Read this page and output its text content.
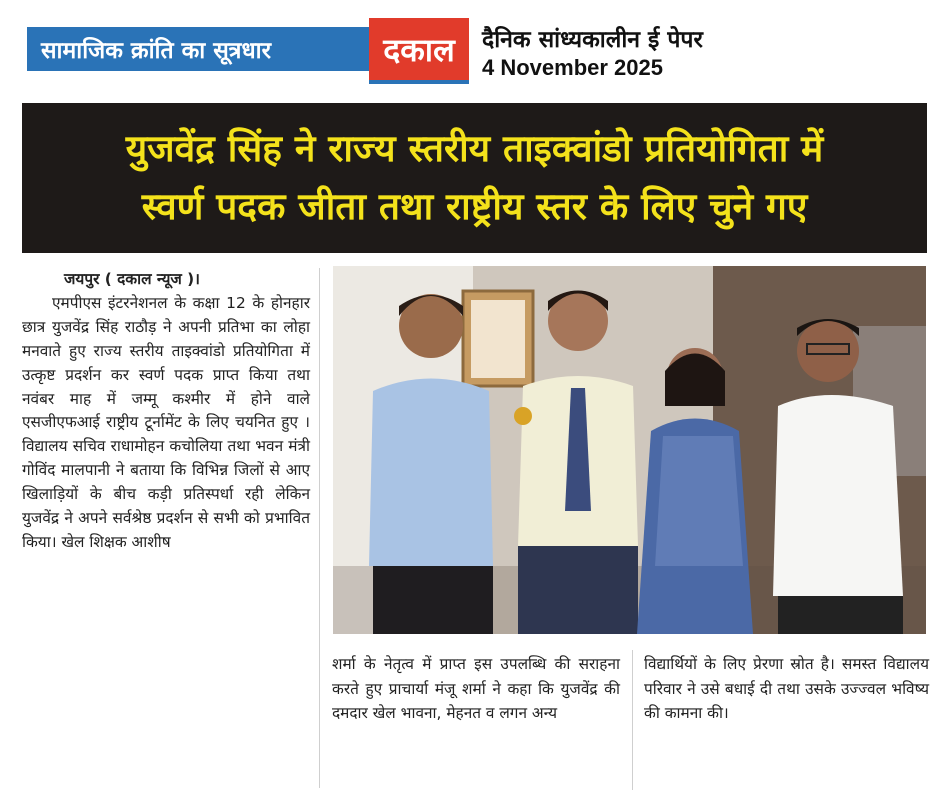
सामाजिक क्रांति का सूत्रधार	दकाल दैनिक सांध्यकालीन ई पेपर
4 November 2025
युजवेंद्र सिंह ने राज्य स्तरीय ताइक्वांडो प्रतियोगिता में
स्वर्ण पदक जीता तथा राष्ट्रीय स्तर के लिए चुने गए
जयपुर ( दकाल न्यूज )।

एमपीएस इंटरनेशनल के कक्षा 12 के होनहार छात्र युजवेंद्र सिंह राठौड़ ने अपनी प्रतिभा का लोहा मनवाते हुए राज्य स्तरीय ताइक्वांडो प्रतियोगिता में उत्कृष्ट प्रदर्शन कर स्वर्ण पदक प्राप्त किया तथा नवंबर माह में जम्मू कश्मीर में होने वाले एसजीएफआई राष्ट्रीय टूर्नामेंट के लिए चयनित हुए । विद्यालय सचिव राधामोहन कचोलिया तथा भवन मंत्री गोविंद मालपानी ने बताया कि विभिन्न जिलों से आए खिलाड़ियों के बीच कड़ी प्रतिस्पर्धा रही लेकिन युजवेंद्र ने अपने सर्वश्रेष्ठ प्रदर्शन से सभी को प्रभावित किया। खेल शिक्षक आशीष

शर्मा के नेतृत्व में प्राप्त इस उपलब्धि की सराहना करते हुए प्राचार्या मंजू शर्मा ने कहा कि युजवेंद्र की दमदार खेल भावना, मेहनत व लगन अन्य

विद्यार्थियों के लिए प्रेरणा स्रोत है। समस्त विद्यालय परिवार ने उसे बधाई दी तथा उसके उज्ज्वल भविष्य की कामना की।
